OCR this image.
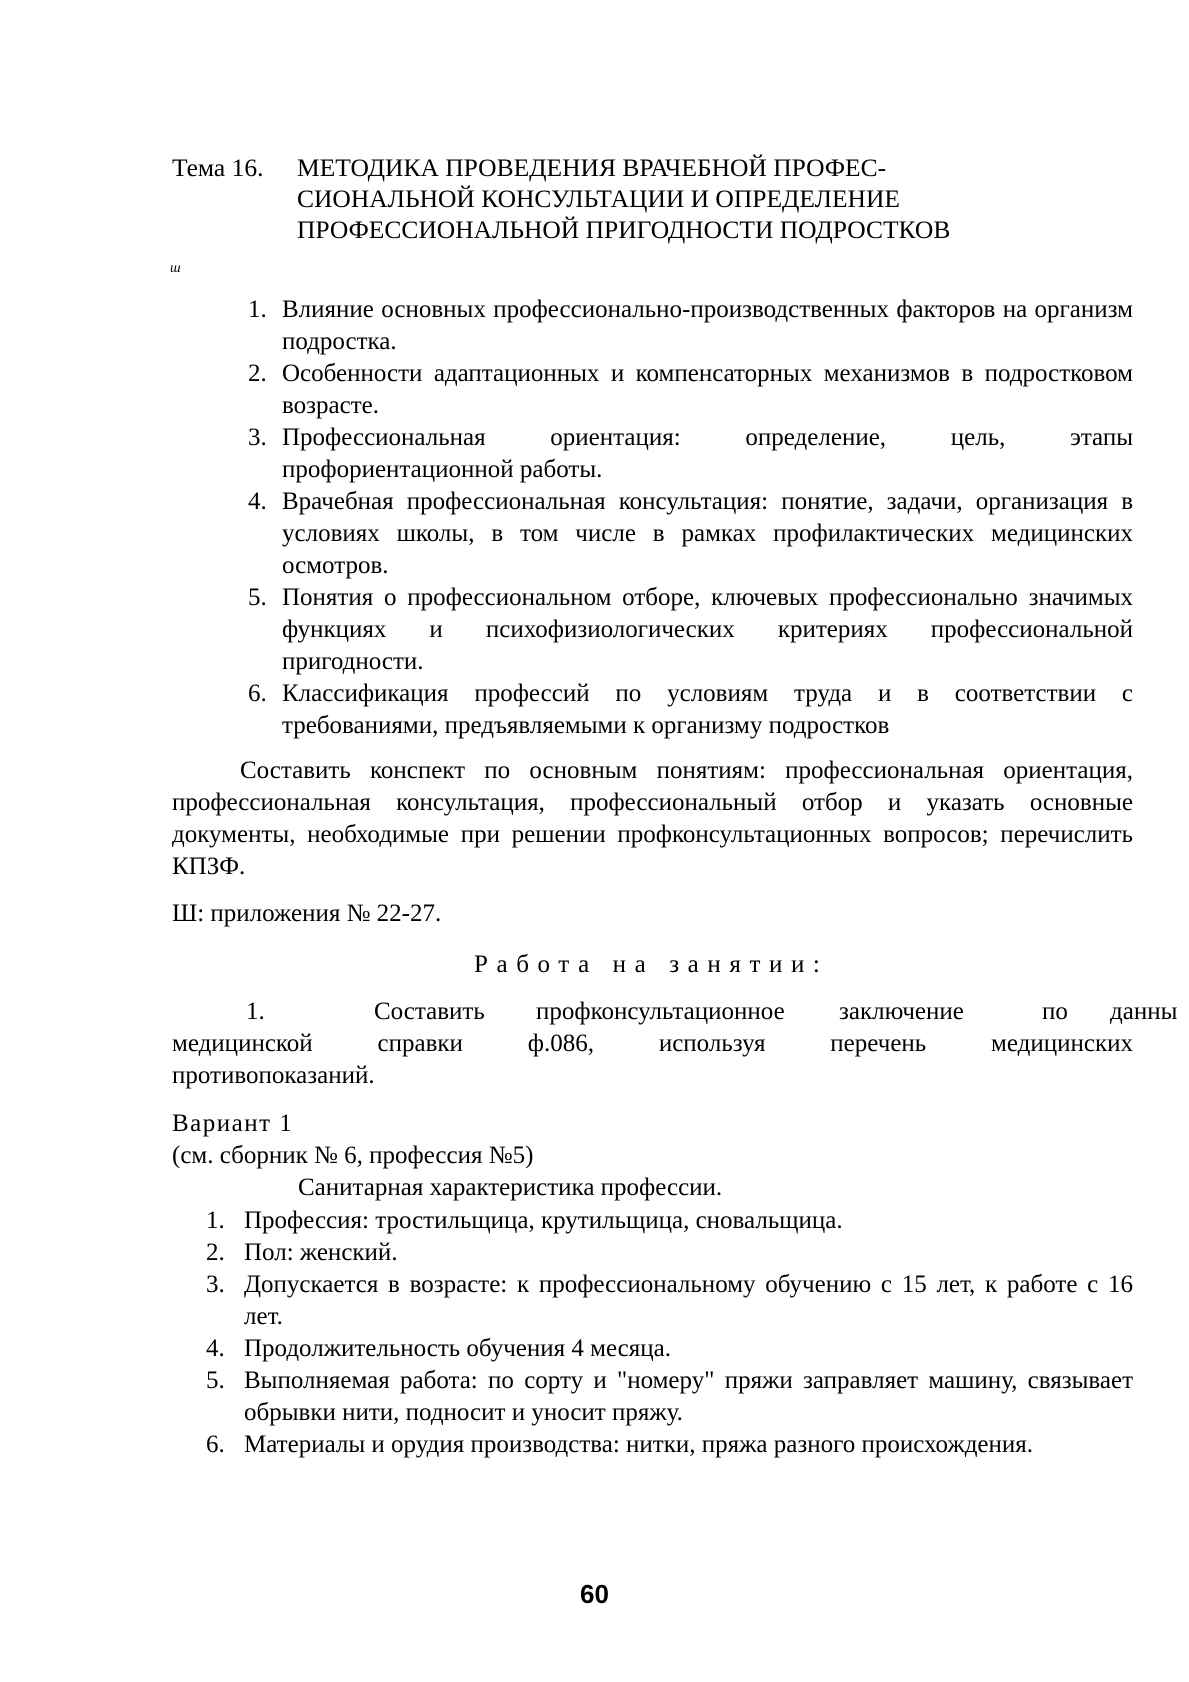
Тема 16. МЕТОДИКА ПРОВЕДЕНИЯ ВРАЧЕБНОЙ ПРОФЕС-
СИОНАЛЬНОЙ КОНСУЛЬТАЦИИ И ОПРЕДЕЛЕНИЕ
ПРОФЕССИОНАЛЬНОЙ ПРИГОДНОСТИ ПОДРОСТКОВ
ш
1. Влияние основных профессионально-производственных факторов на организм подростка.
2. Особенности адаптационных и компенсаторных механизмов в подростковом возрасте.
3. Профессиональная ориентация: определение, цель, этапы профориентационной работы.
4. Врачебная профессиональная консультация: понятие, задачи, организация в условиях школы, в том числе в рамках профилактических медицинских осмотров.
5. Понятия о профессиональном отборе, ключевых профессионально значимых функциях и психофизиологических критериях профессиональной пригодности.
6. Классификация профессий по условиям труда и в соответствии с требованиями, предъявляемыми к организму подростков
Составить конспект по основным понятиям: профессиональная ориентация, профессиональная консультация, профессиональный отбор и указать основные документы, необходимые при решении профконсультационных вопросов; перечислить КПЗФ.
Ш: приложения № 22-27.
Работа на занятии:
1.	Составить профконсультационное заключение	по данны
медицинской справки ф.086, используя перечень медицинских
противопоказаний.
Вариант 1
(см. сборник № 6, профессия №5)
Санитарная характеристика профессии.
1. Профессия: тростильщица, крутильщица, сновальщица.
2. Пол: женский.
3. Допускается в возрасте: к профессиональному обучению с 15 лет, к работе с 16 лет.
4. Продолжительность обучения 4 месяца.
5. Выполняемая работа: по сорту и "номеру" пряжи заправляет машину, связывает обрывки нити, подносит и уносит пряжу.
6. Материалы и орудия производства: нитки, пряжа разного происхождения.
60
